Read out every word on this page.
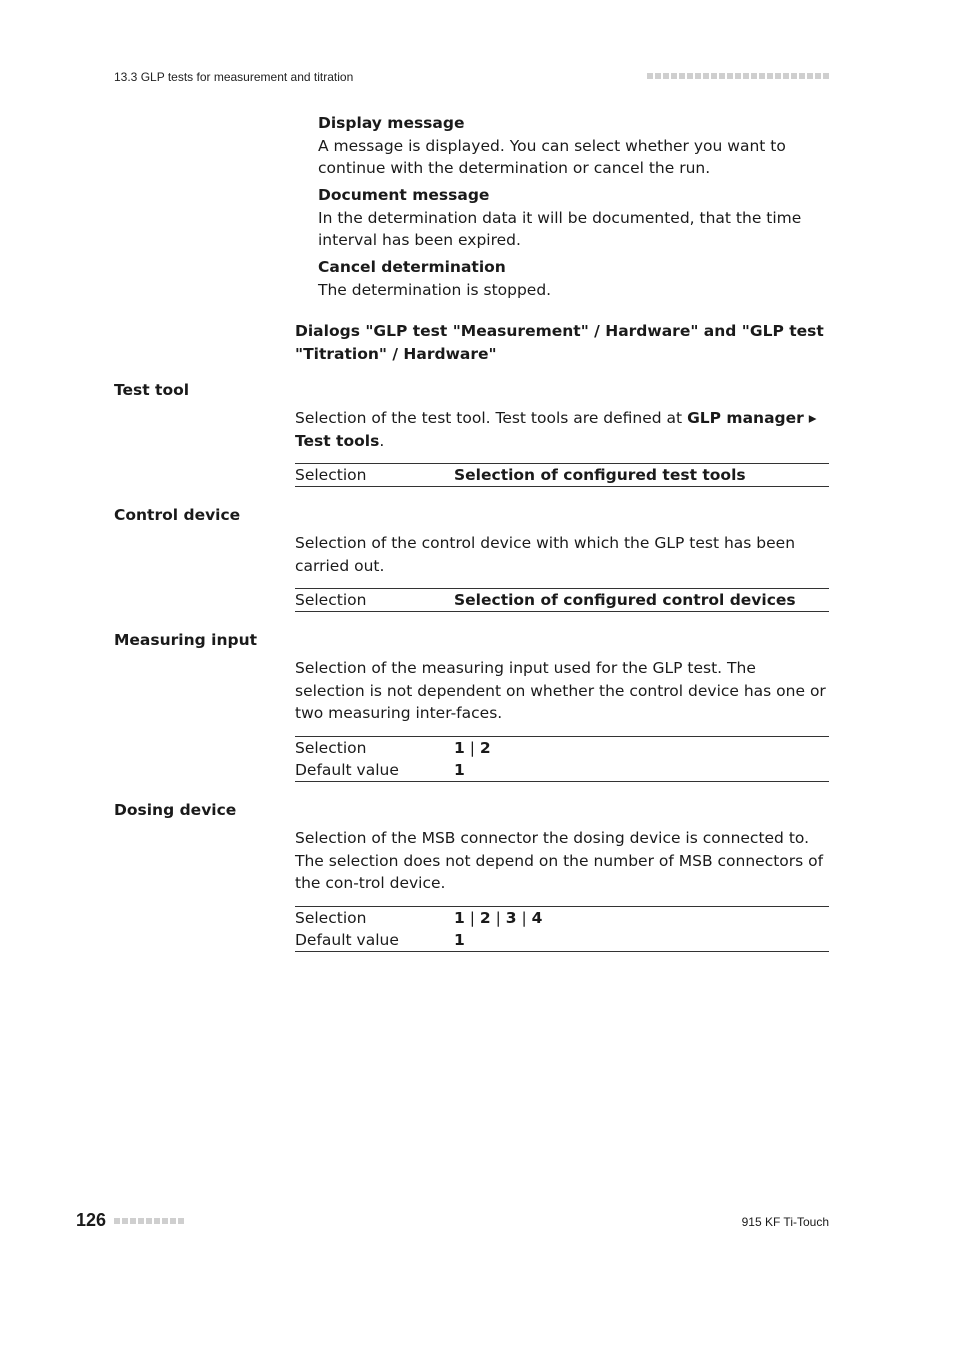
13.3 GLP tests for measurement and titration
Display message
A message is displayed. You can select whether you want to continue with the determination or cancel the run.
Document message
In the determination data it will be documented, that the time interval has been expired.
Cancel determination
The determination is stopped.
Dialogs "GLP test "Measurement" / Hardware" and "GLP test "Titration" / Hardware"
Test tool
Selection of the test tool. Test tools are defined at GLP manager ▸ Test tools.
Selection	Selection of configured test tools
Control device
Selection of the control device with which the GLP test has been carried out.
Selection	Selection of configured control devices
Measuring input
Selection of the measuring input used for the GLP test. The selection is not dependent on whether the control device has one or two measuring inter-faces.
Selection	1 | 2
Default value	1
Dosing device
Selection of the MSB connector the dosing device is connected to. The selection does not depend on the number of MSB connectors of the con-trol device.
Selection	1 | 2 | 3 | 4
Default value	1
126	915 KF Ti-Touch
